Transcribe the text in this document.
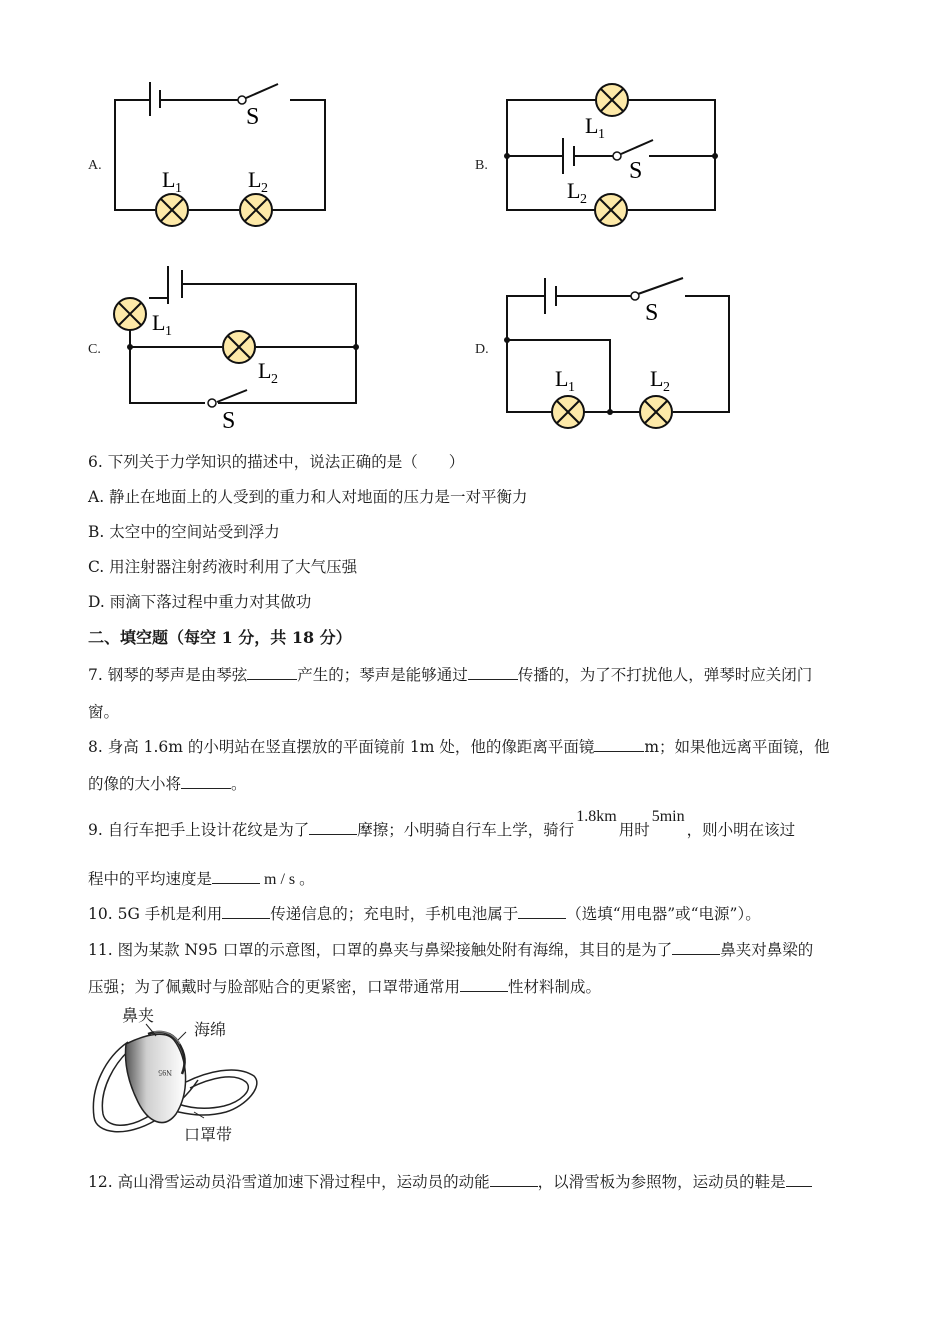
A.
S
L 1	L 2
B.	S
L 1
L 2
C.
S
L 1
L 2
D.
S
L 1	L 2
6. 下列关于力学知识的描述中，说法正确的是（　　）
A. 静止在地面上的人受到的重力和人对地面的压力是一对平衡力
B. 太空中的空间站受到浮力
C. 用注射器注射药液时利用了大气压强
D. 雨滴下落过程中重力对其做功
二、填空题（每空 1 分，共 18 分）
7. 钢琴的琴声是由琴弦	产生的；琴声是能够通过	传播的，为了不打扰他人，弹琴时应关闭门
窗。
8. 身高 1.6m 的小明站在竖直摆放的平面镜前 1m 处，他的像距离平面镜	m；如果他远离平面镜，他
的像的大小将	。
9. 自行车把手上设计花纹是为了	摩擦；小明骑自行车上学，骑行1.8km用时5min，则小明在该过
程中的平均速度是	m / s 。
10. 5G 手机是利用	传递信息的；充电时，手机电池属于	（选填“用电器”或“电源”）。
11. 图为某款 N95 口罩的示意图，口罩的鼻夹与鼻梁接触处附有海绵，其目的是为了	鼻夹对鼻梁的
压强；为了佩戴时与脸部贴合的更紧密，口罩带通常用	性材料制成。
N95
鼻夹
海绵
口罩带
12. 高山滑雪运动员沿雪道加速下滑过程中，运动员的动能	，以滑雪板为参照物，运动员的鞋是
